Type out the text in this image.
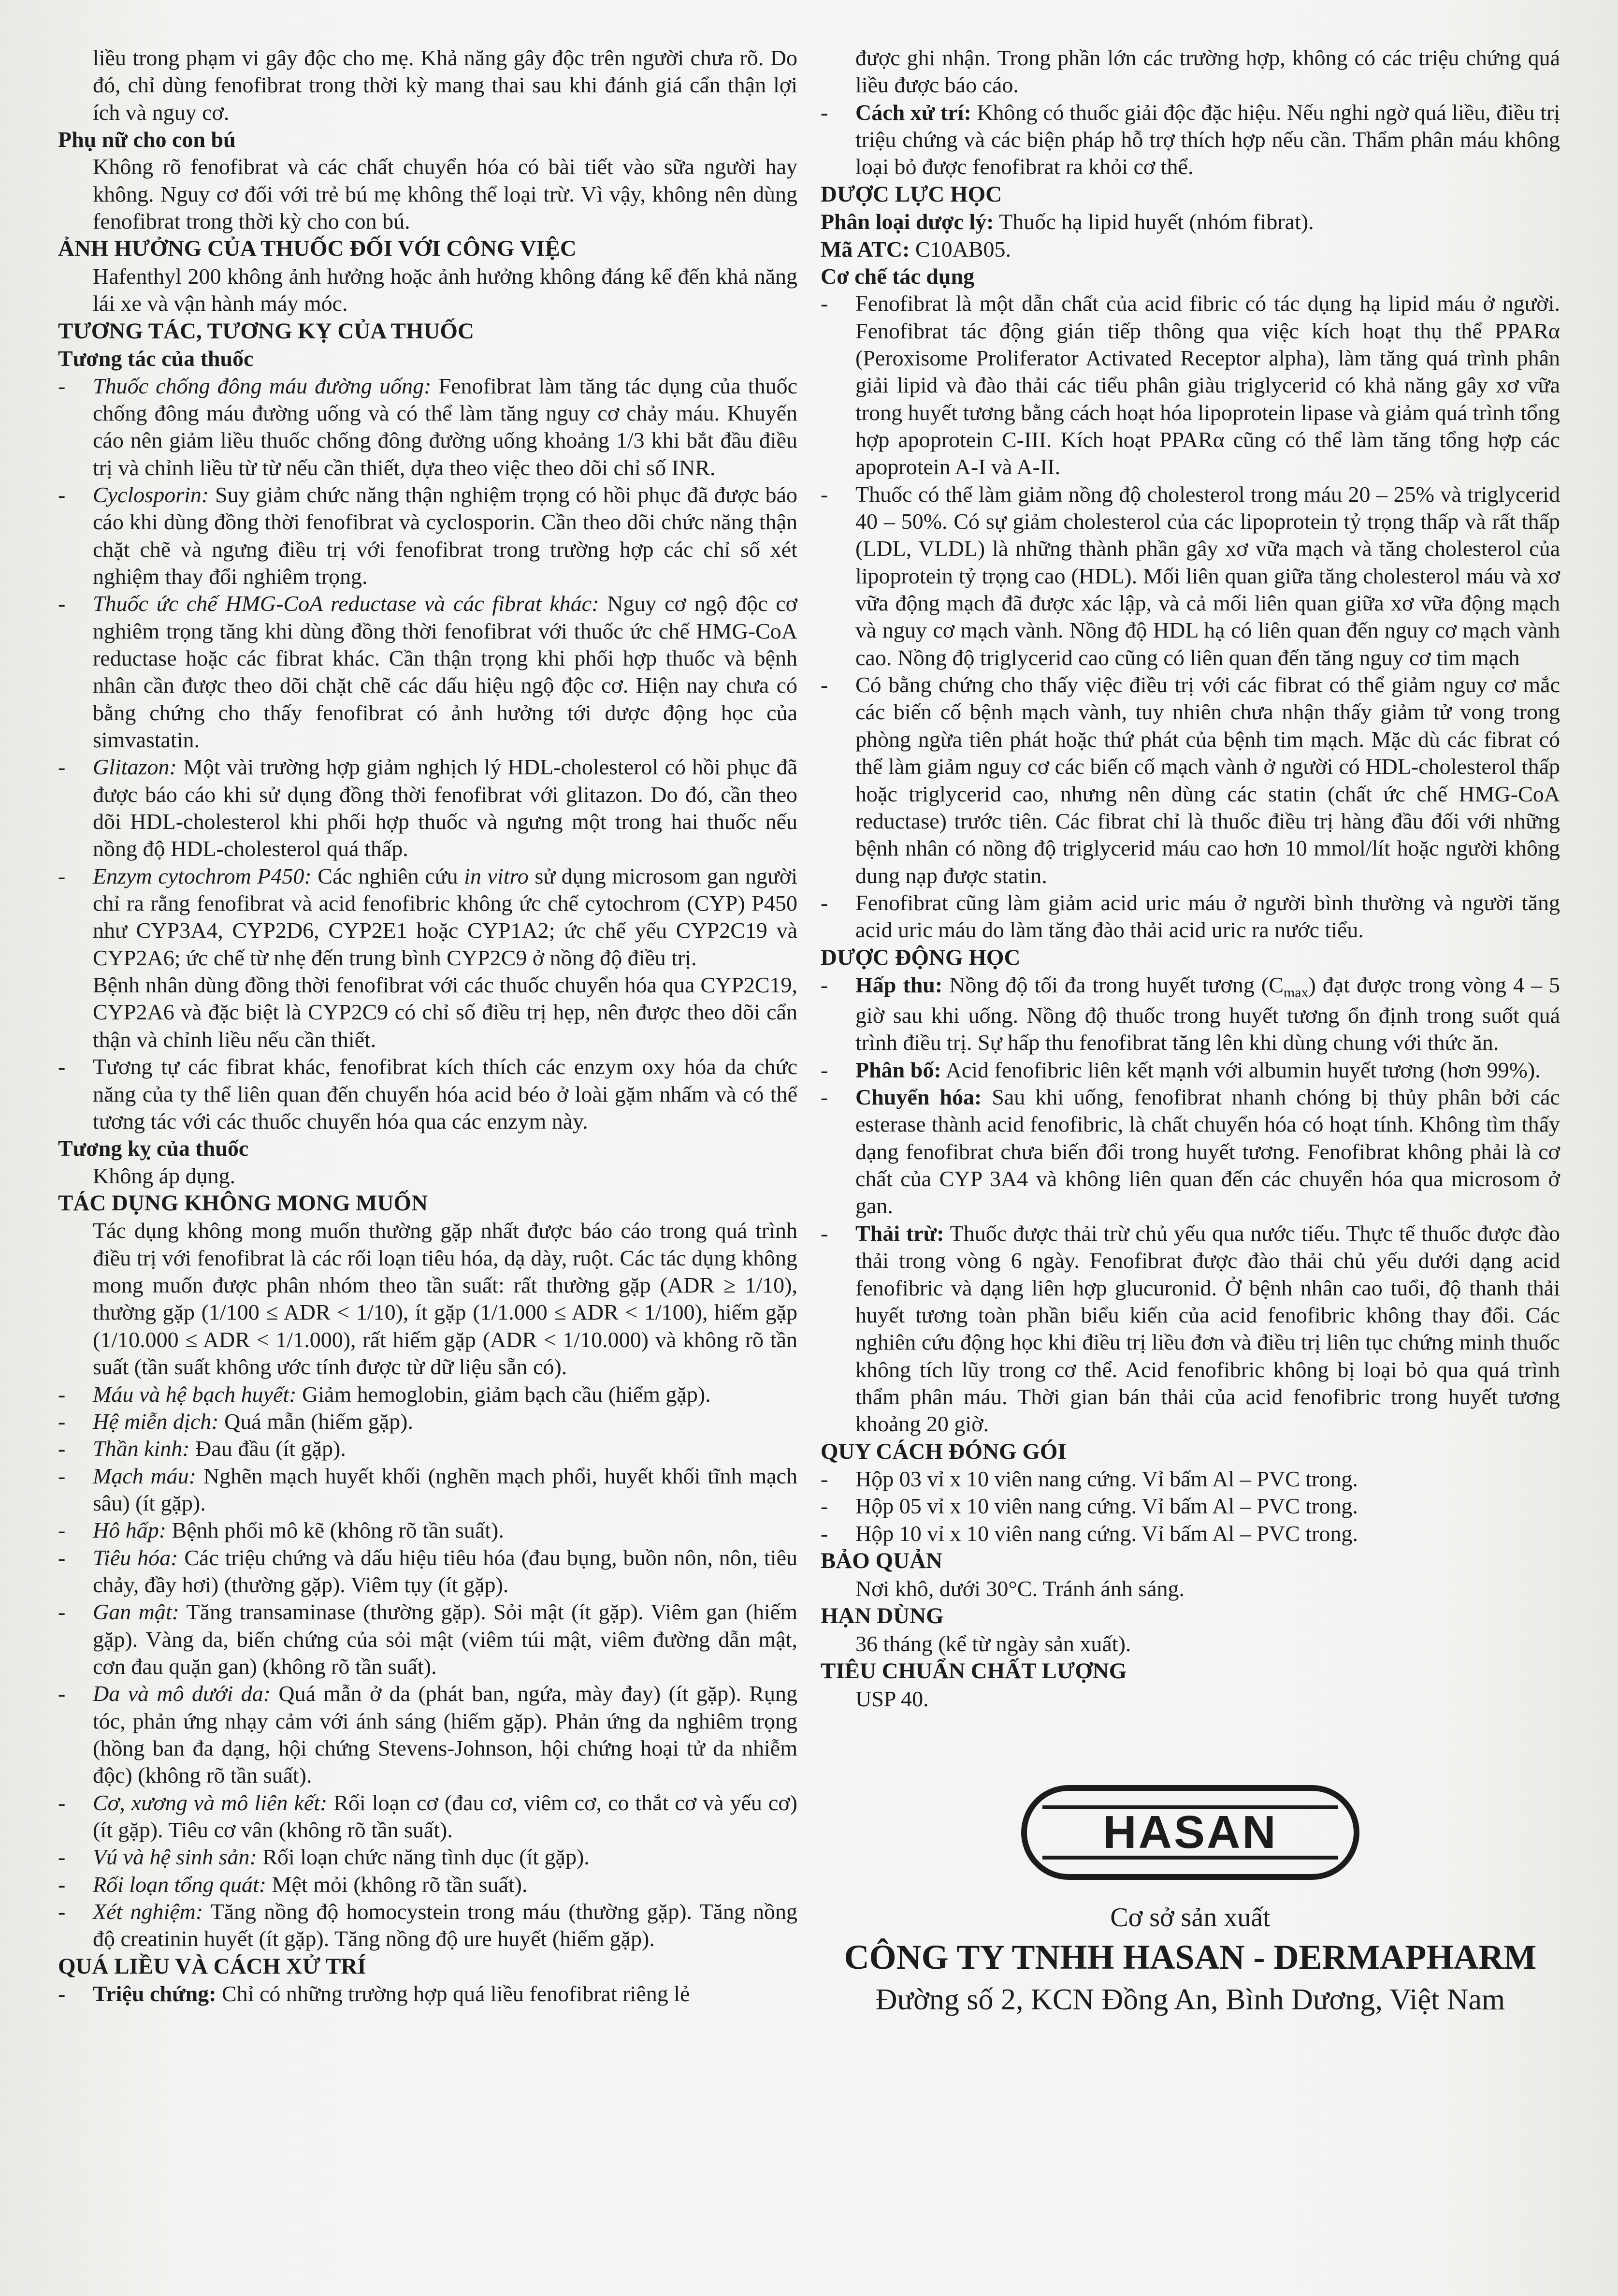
liều trong phạm vi gây độc cho mẹ. Khả năng gây độc trên người chưa rõ. Do đó, chỉ dùng fenofibrat trong thời kỳ mang thai sau khi đánh giá cẩn thận lợi ích và nguy cơ.

Phụ nữ cho con bú

Không rõ fenofibrat và các chất chuyển hóa có bài tiết vào sữa người hay không. Nguy cơ đối với trẻ bú mẹ không thể loại trừ. Vì vậy, không nên dùng fenofibrat trong thời kỳ cho con bú.

ẢNH HƯỞNG CỦA THUỐC ĐỐI VỚI CÔNG VIỆC

Hafenthyl 200 không ảnh hưởng hoặc ảnh hưởng không đáng kể đến khả năng lái xe và vận hành máy móc.

TƯƠNG TÁC, TƯƠNG KỴ CỦA THUỐC

Tương tác của thuốc

- Thuốc chống đông máu đường uống: Fenofibrat làm tăng tác dụng của thuốc chống đông máu đường uống và có thể làm tăng nguy cơ chảy máu. Khuyến cáo nên giảm liều thuốc chống đông đường uống khoảng 1/3 khi bắt đầu điều trị và chỉnh liều từ từ nếu cần thiết, dựa theo việc theo dõi chỉ số INR.
- Cyclosporin: Suy giảm chức năng thận nghiệm trọng có hồi phục đã được báo cáo khi dùng đồng thời fenofibrat và cyclosporin. Cần theo dõi chức năng thận chặt chẽ và ngưng điều trị với fenofibrat trong trường hợp các chỉ số xét nghiệm thay đổi nghiêm trọng.
- Thuốc ức chế HMG-CoA reductase và các fibrat khác: Nguy cơ ngộ độc cơ nghiêm trọng tăng khi dùng đồng thời fenofibrat với thuốc ức chế HMG-CoA reductase hoặc các fibrat khác. Cần thận trọng khi phối hợp thuốc và bệnh nhân cần được theo dõi chặt chẽ các dấu hiệu ngộ độc cơ. Hiện nay chưa có bằng chứng cho thấy fenofibrat có ảnh hưởng tới dược động học của simvastatin.
- Glitazon: Một vài trường hợp giảm nghịch lý HDL-cholesterol có hồi phục đã được báo cáo khi sử dụng đồng thời fenofibrat với glitazon. Do đó, cần theo dõi HDL-cholesterol khi phối hợp thuốc và ngưng một trong hai thuốc nếu nồng độ HDL-cholesterol quá thấp.
- Enzym cytochrom P450: Các nghiên cứu in vitro sử dụng microsom gan người chỉ ra rằng fenofibrat và acid fenofibric không ức chế cytochrom (CYP) P450 như CYP3A4, CYP2D6, CYP2E1 hoặc CYP1A2; ức chế yếu CYP2C19 và CYP2A6; ức chế từ nhẹ đến trung bình CYP2C9 ở nồng độ điều trị.

Bệnh nhân dùng đồng thời fenofibrat với các thuốc chuyển hóa qua CYP2C19, CYP2A6 và đặc biệt là CYP2C9 có chỉ số điều trị hẹp, nên được theo dõi cẩn thận và chỉnh liều nếu cần thiết.

- Tương tự các fibrat khác, fenofibrat kích thích các enzym oxy hóa da chức năng của ty thể liên quan đến chuyển hóa acid béo ở loài gặm nhấm và có thể tương tác với các thuốc chuyển hóa qua các enzym này.

Tương kỵ của thuốc

Không áp dụng.

TÁC DỤNG KHÔNG MONG MUỐN

Tác dụng không mong muốn thường gặp nhất được báo cáo trong quá trình điều trị với fenofibrat là các rối loạn tiêu hóa, dạ dày, ruột. Các tác dụng không mong muốn được phân nhóm theo tần suất: rất thường gặp (ADR ≥ 1/10), thường gặp (1/100 ≤ ADR < 1/10), ít gặp (1/1.000 ≤ ADR < 1/100), hiếm gặp (1/10.000 ≤ ADR < 1/1.000), rất hiếm gặp (ADR < 1/10.000) và không rõ tần suất (tần suất không ước tính được từ dữ liệu sẵn có).

- Máu và hệ bạch huyết: Giảm hemoglobin, giảm bạch cầu (hiếm gặp).
- Hệ miễn dịch: Quá mẫn (hiếm gặp).
- Thần kinh: Đau đầu (ít gặp).
- Mạch máu: Nghẽn mạch huyết khối (nghẽn mạch phổi, huyết khối tĩnh mạch sâu) (ít gặp).
- Hô hấp: Bệnh phổi mô kẽ (không rõ tần suất).
- Tiêu hóa: Các triệu chứng và dấu hiệu tiêu hóa (đau bụng, buồn nôn, nôn, tiêu chảy, đầy hơi) (thường gặp). Viêm tụy (ít gặp).
- Gan mật: Tăng transaminase (thường gặp). Sỏi mật (ít gặp). Viêm gan (hiếm gặp). Vàng da, biến chứng của sỏi mật (viêm túi mật, viêm đường dẫn mật, cơn đau quặn gan) (không rõ tần suất).
- Da và mô dưới da: Quá mẫn ở da (phát ban, ngứa, mày đay) (ít gặp). Rụng tóc, phản ứng nhạy cảm với ánh sáng (hiếm gặp). Phản ứng da nghiêm trọng (hồng ban đa dạng, hội chứng Stevens-Johnson, hội chứng hoại tử da nhiễm độc) (không rõ tần suất).
- Cơ, xương và mô liên kết: Rối loạn cơ (đau cơ, viêm cơ, co thắt cơ và yếu cơ) (ít gặp). Tiêu cơ vân (không rõ tần suất).
- Vú và hệ sinh sản: Rối loạn chức năng tình dục (ít gặp).
- Rối loạn tổng quát: Mệt mỏi (không rõ tần suất).
- Xét nghiệm: Tăng nồng độ homocystein trong máu (thường gặp). Tăng nồng độ creatinin huyết (ít gặp). Tăng nồng độ ure huyết (hiếm gặp).

QUÁ LIỀU VÀ CÁCH XỬ TRÍ

- Triệu chứng: Chỉ có những trường hợp quá liều fenofibrat riêng lẻ

được ghi nhận. Trong phần lớn các trường hợp, không có các triệu chứng quá liều được báo cáo.

- Cách xử trí: Không có thuốc giải độc đặc hiệu. Nếu nghi ngờ quá liều, điều trị triệu chứng và các biện pháp hỗ trợ thích hợp nếu cần. Thẩm phân máu không loại bỏ được fenofibrat ra khỏi cơ thể.

DƯỢC LỰC HỌC

Phân loại dược lý: Thuốc hạ lipid huyết (nhóm fibrat).

Mã ATC: C10AB05.

Cơ chế tác dụng

- Fenofibrat là một dẫn chất của acid fibric có tác dụng hạ lipid máu ở người. Fenofibrat tác động gián tiếp thông qua việc kích hoạt thụ thể PPARα (Peroxisome Proliferator Activated Receptor alpha), làm tăng quá trình phân giải lipid và đào thải các tiểu phân giàu triglycerid có khả năng gây xơ vữa trong huyết tương bằng cách hoạt hóa lipoprotein lipase và giảm quá trình tổng hợp apoprotein C-III. Kích hoạt PPARα cũng có thể làm tăng tổng hợp các apoprotein A-I và A-II.
- Thuốc có thể làm giảm nồng độ cholesterol trong máu 20 – 25% và triglycerid 40 – 50%. Có sự giảm cholesterol của các lipoprotein tỷ trọng thấp và rất thấp (LDL, VLDL) là những thành phần gây xơ vữa mạch và tăng cholesterol của lipoprotein tỷ trọng cao (HDL). Mối liên quan giữa tăng cholesterol máu và xơ vữa động mạch đã được xác lập, và cả mối liên quan giữa xơ vữa động mạch và nguy cơ mạch vành. Nồng độ HDL hạ có liên quan đến nguy cơ mạch vành cao. Nồng độ triglycerid cao cũng có liên quan đến tăng nguy cơ tim mạch
- Có bằng chứng cho thấy việc điều trị với các fibrat có thể giảm nguy cơ mắc các biến cố bệnh mạch vành, tuy nhiên chưa nhận thấy giảm tử vong trong phòng ngừa tiên phát hoặc thứ phát của bệnh tim mạch. Mặc dù các fibrat có thể làm giảm nguy cơ các biến cố mạch vành ở người có HDL-cholesterol thấp hoặc triglycerid cao, nhưng nên dùng các statin (chất ức chế HMG-CoA reductase) trước tiên. Các fibrat chỉ là thuốc điều trị hàng đầu đối với những bệnh nhân có nồng độ triglycerid máu cao hơn 10 mmol/lít hoặc người không dung nạp được statin.
- Fenofibrat cũng làm giảm acid uric máu ở người bình thường và người tăng acid uric máu do làm tăng đào thải acid uric ra nước tiểu.

DƯỢC ĐỘNG HỌC

- Hấp thu: Nồng độ tối đa trong huyết tương $(C_{max})$ đạt được trong vòng 4 – 5 giờ sau khi uống. Nồng độ thuốc trong huyết tương ổn định trong suốt quá trình điều trị. Sự hấp thu fenofibrat tăng lên khi dùng chung với thức ăn.
- Phân bố: Acid fenofibric liên kết mạnh với albumin huyết tương (hơn 99%).
- Chuyển hóa: Sau khi uống, fenofibrat nhanh chóng bị thủy phân bởi các esterase thành acid fenofibric, là chất chuyển hóa có hoạt tính. Không tìm thấy dạng fenofibrat chưa biến đổi trong huyết tương. Fenofibrat không phải là cơ chất của CYP 3A4 và không liên quan đến các chuyển hóa qua microsom ở gan.
- Thải trừ: Thuốc được thải trừ chủ yếu qua nước tiểu. Thực tế thuốc được đào thải trong vòng 6 ngày. Fenofibrat được đào thải chủ yếu dưới dạng acid fenofibric và dạng liên hợp glucuronid. Ở bệnh nhân cao tuổi, độ thanh thải huyết tương toàn phần biểu kiến của acid fenofibric không thay đổi. Các nghiên cứu động học khi điều trị liều đơn và điều trị liên tục chứng minh thuốc không tích lũy trong cơ thể. Acid fenofibric không bị loại bỏ qua quá trình thẩm phân máu. Thời gian bán thải của acid fenofibric trong huyết tương khoảng 20 giờ.

QUY CÁCH ĐÓNG GÓI

- Hộp 03 vỉ x 10 viên nang cứng. Vỉ bấm Al – PVC trong.
- Hộp 05 vỉ x 10 viên nang cứng. Vỉ bấm Al – PVC trong.
- Hộp 10 vỉ x 10 viên nang cứng. Vỉ bấm Al – PVC trong.

BẢO QUẢN

Nơi khô, dưới 30°C. Tránh ánh sáng.

HẠN DÙNG

36 tháng (kể từ ngày sản xuất).

TIÊU CHUẨN CHẤT LƯỢNG

USP 40.

HASAN
Cơ sở sản xuất
CÔNG TY TNHH HASAN - DERMAPHARM
Đường số 2, KCN Đồng An, Bình Dương, Việt Nam
